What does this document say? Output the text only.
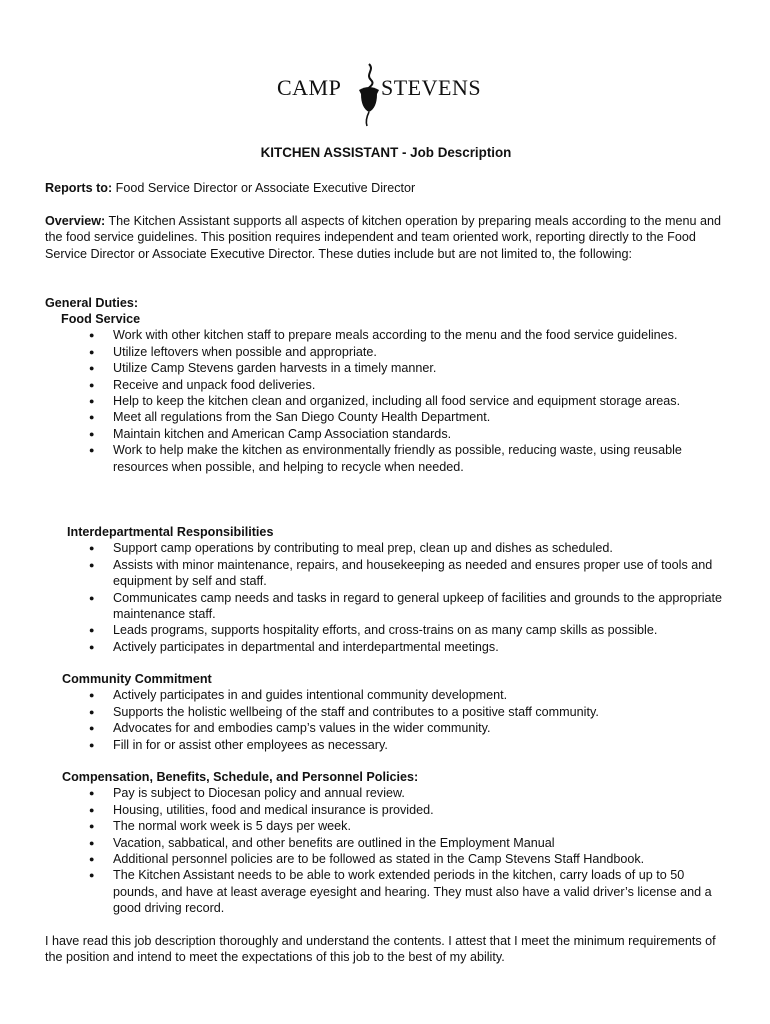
CAMP STEVENS
KITCHEN ASSISTANT - Job Description
Reports to: Food Service Director or Associate Executive Director
Overview: The Kitchen Assistant supports all aspects of kitchen operation by preparing meals according to the menu and the food service guidelines. This position requires independent and team oriented work, reporting directly to the Food Service Director or Associate Executive Director. These duties include but are not limited to, the following:
General Duties:
Food Service
● Work with other kitchen staff to prepare meals according to the menu and the food service guidelines.
● Utilize leftovers when possible and appropriate.
● Utilize Camp Stevens garden harvests in a timely manner.
● Receive and unpack food deliveries.
● Help to keep the kitchen clean and organized, including all food service and equipment storage areas.
● Meet all regulations from the San Diego County Health Department.
● Maintain kitchen and American Camp Association standards.
● Work to help make the kitchen as environmentally friendly as possible, reducing waste, using reusable resources when possible, and helping to recycle when needed.
Interdepartmental Responsibilities
● Support camp operations by contributing to meal prep, clean up and dishes as scheduled.
● Assists with minor maintenance, repairs, and housekeeping as needed and ensures proper use of tools and equipment by self and staff.
● Communicates camp needs and tasks in regard to general upkeep of facilities and grounds to the appropriate maintenance staff.
● Leads programs, supports hospitality efforts, and cross-trains on as many camp skills as possible.
● Actively participates in departmental and interdepartmental meetings.
Community Commitment
● Actively participates in and guides intentional community development.
● Supports the holistic wellbeing of the staff and contributes to a positive staff community.
● Advocates for and embodies camp’s values in the wider community.
● Fill in for or assist other employees as necessary.
Compensation, Benefits, Schedule, and Personnel Policies:
● Pay is subject to Diocesan policy and annual review.
● Housing, utilities, food and medical insurance is provided.
● The normal work week is 5 days per week.
● Vacation, sabbatical, and other benefits are outlined in the Employment Manual
● Additional personnel policies are to be followed as stated in the Camp Stevens Staff Handbook.
● The Kitchen Assistant needs to be able to work extended periods in the kitchen, carry loads of up to 50 pounds, and have at least average eyesight and hearing. They must also have a valid driver’s license and a good driving record.
I have read this job description thoroughly and understand the contents. I attest that I meet the minimum requirements of the position and intend to meet the expectations of this job to the best of my ability.
